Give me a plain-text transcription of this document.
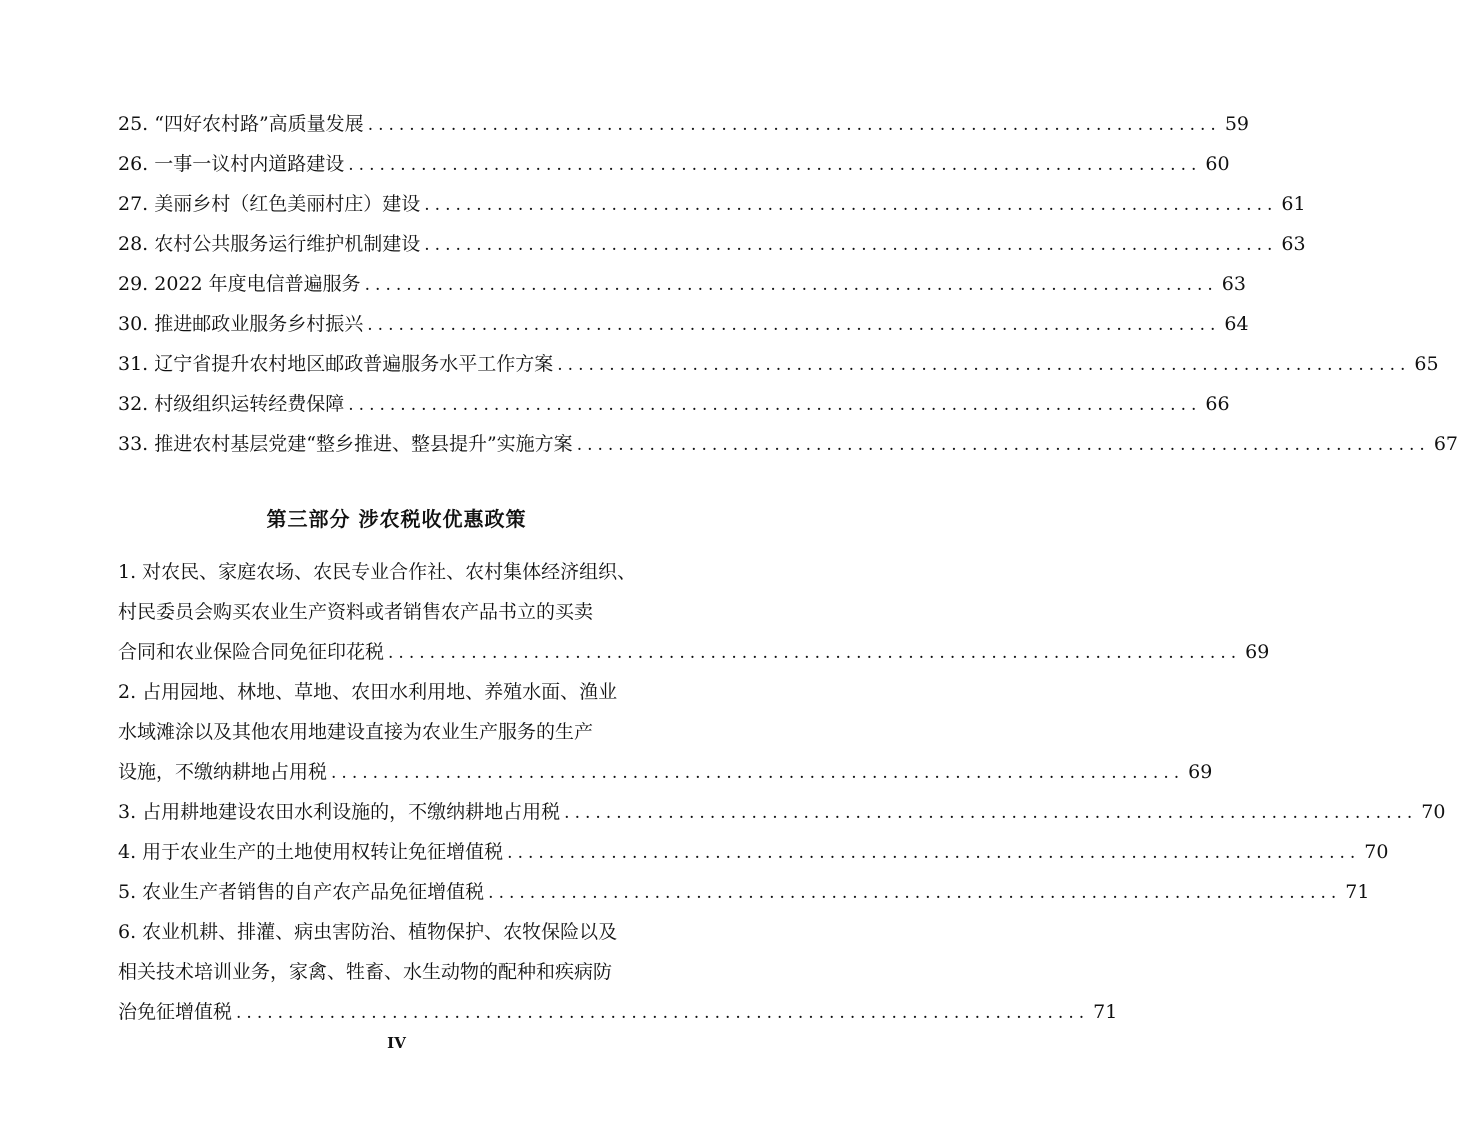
25. “四好农村路”高质量发展 .................................................................................. 59
26. 一事一议村内道路建设 .................................................................................. 60
27. 美丽乡村（红色美丽村庄）建设 .................................................................................. 61
28. 农村公共服务运行维护机制建设 .................................................................................. 63
29. 2022 年度电信普遍服务 .................................................................................. 63
30. 推进邮政业服务乡村振兴 .................................................................................. 64
31. 辽宁省提升农村地区邮政普遍服务水平工作方案 .................................................................................. 65
32. 村级组织运转经费保障 .................................................................................. 66
33. 推进农村基层党建“整乡推进、整县提升”实施方案 .................................................................................. 67
第三部分 涉农税收优惠政策
1. 对农民、家庭农场、农民专业合作社、农村集体经济组织、
村民委员会购买农业生产资料或者销售农产品书立的买卖
合同和农业保险合同免征印花税 .................................................................................. 69
2. 占用园地、林地、草地、农田水利用地、养殖水面、渔业
水域滩涂以及其他农用地建设直接为农业生产服务的生产
设施，不缴纳耕地占用税 .................................................................................. 69
3. 占用耕地建设农田水利设施的，不缴纳耕地占用税 .................................................................................. 70
4. 用于农业生产的土地使用权转让免征增值税 .................................................................................. 70
5. 农业生产者销售的自产农产品免征增值税 .................................................................................. 71
6. 农业机耕、排灌、病虫害防治、植物保护、农牧保险以及
相关技术培训业务，家禽、牲畜、水生动物的配种和疾病防
治免征增值税 .................................................................................. 71
IV
